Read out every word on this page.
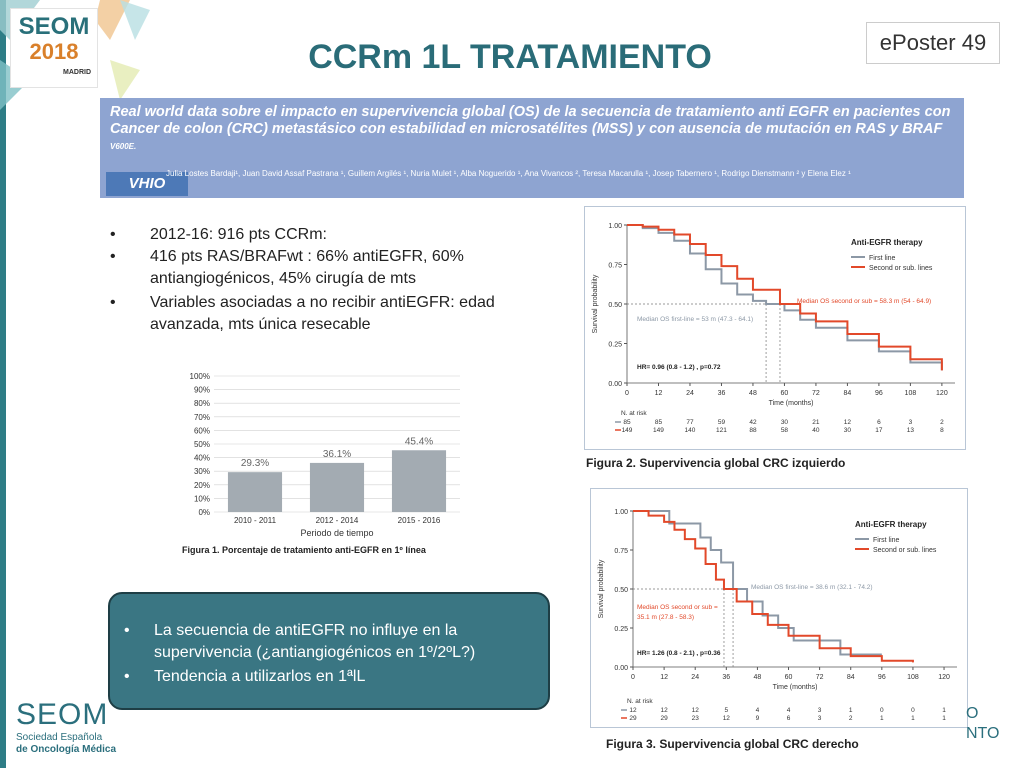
SEOM
2018
MADRID	CCRm 1L TRATAMIENTO	ePoster 49
Real world data sobre el impacto en supervivencia global (OS) de la secuencia de tratamiento anti EGFR en pacientes con Cancer de colon (CRC) metastásico con estabilidad en microsatélites (MSS) y con ausencia de mutación en RAS y BRAF $^{V600E.}$
VHIO
Julia Lostes Bardaji¹, Juan David Assaf Pastrana ¹, Guillem Argilés ¹, Nuria Mulet ¹, Alba Noguerido ¹, Ana Vivancos ², Teresa Macarulla ¹, Josep Tabernero ¹, Rodrigo Dienstmann ² y Elena Elez ¹
• 2012-16: 916 pts CCRm:
• 416 pts RAS/BRAFwt : 66% antiEGFR, 60% antiangiogénicos, 45% cirugía de mts
• Variables asociadas a no recibir antiEGFR: edad avanzada, mts única resecable
0%
10%
20%
30%
40%
50%
60%
70%
80%
90%
100%
29.3%
2010 - 2011
36.1%
2012 - 2014
45.4%
2015 - 2016
Periodo de tiempo
Figura 1. Porcentaje de tratamiento anti-EGFR en 1º línea
0.00
0.25
0.50
0.75
1.00
0	12	24	36	48	60	72	84	96	108	120
Time (months)
Survival probability
Anti-EGFR therapy
First line
Second or sub. lines
Median OS second or sub = 58.3 m (54 - 64.9)
Median OS first-line = 53 m (47.3 - 64.1)
HR= 0.96 (0.8 - 1.2) , p=0.72
N. at risk
85	85	77	59	42	30	21	12	6	3	2
149	149	140	121	88	58	40	30	17	13	8
Figura 2. Supervivencia global CRC izquierdo
0.00
0.25
0.50
0.75
1.00
0	12	24	36	48	60	72	84	96	108	120
Time (months)
Survival probability
Anti-EGFR therapy
First line
Second or sub. lines
Median OS first-line = 38.6 m (32.1 - 74.2)
Median OS second or sub =
35.1 m (27.8 - 58.3)
HR= 1.26 (0.8 - 2.1) , p=0.36
N. at risk
12	12	12	5	4	4	3	1	0	0	1
29	29	23	12	9	6	3	2	1	1	1
Figura 3. Supervivencia global CRC derecho
• La secuencia de antiEGFR no influye en la supervivencia (¿antiangiogénicos en 1º/2ºL?)
• Tendencia a utilizarlos en 1ªlL
SEOM
Sociedad Española
de Oncología Médica
O
NTO
